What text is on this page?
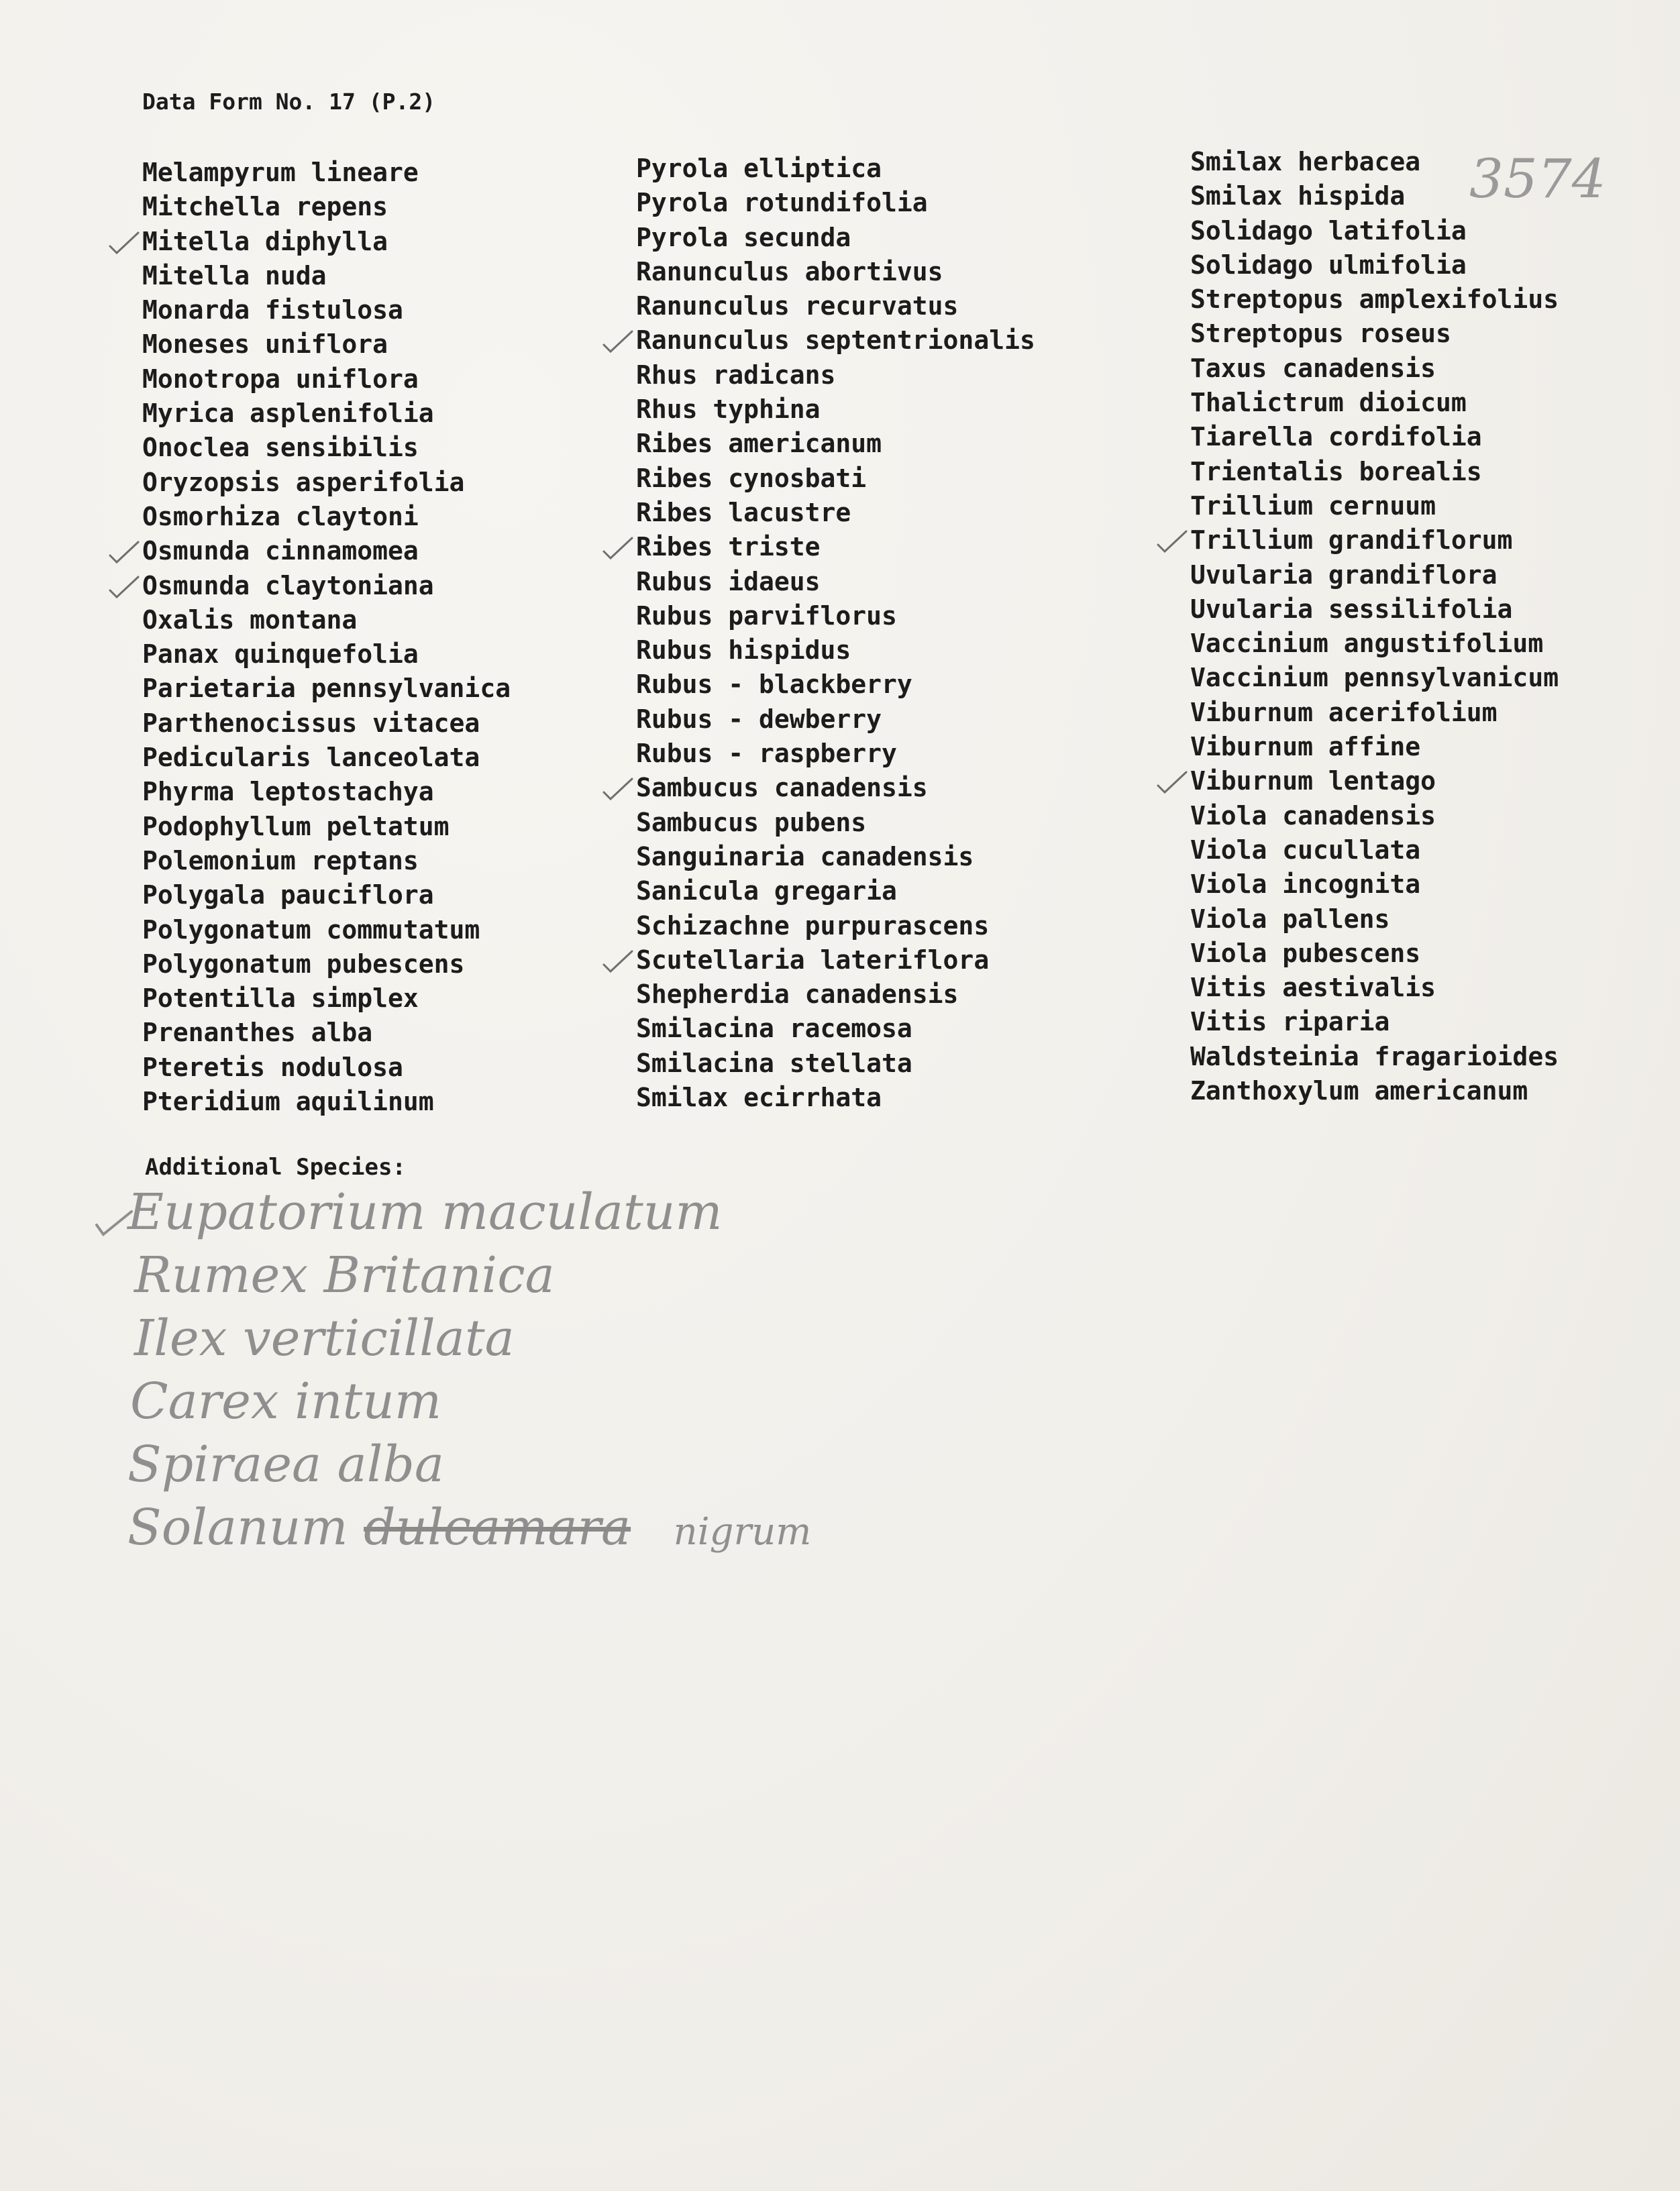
Data Form No. 17 (P.2)
3574
Melampyrum lineare
Mitchella repens
Mitella diphylla
Mitella nuda
Monarda fistulosa
Moneses uniflora
Monotropa uniflora
Myrica asplenifolia
Onoclea sensibilis
Oryzopsis asperifolia
Osmorhiza claytoni
Osmunda cinnamomea
Osmunda claytoniana
Oxalis montana
Panax quinquefolia
Parietaria pennsylvanica
Parthenocissus vitacea
Pedicularis lanceolata
Phyrma leptostachya
Podophyllum peltatum
Polemonium reptans
Polygala pauciflora
Polygonatum commutatum
Polygonatum pubescens
Potentilla simplex
Prenanthes alba
Pteretis nodulosa
Pteridium aquilinum
Pyrola elliptica
Pyrola rotundifolia
Pyrola secunda
Ranunculus abortivus
Ranunculus recurvatus
Ranunculus septentrionalis
Rhus radicans
Rhus typhina
Ribes americanum
Ribes cynosbati
Ribes lacustre
Ribes triste
Rubus idaeus
Rubus parviflorus
Rubus hispidus
Rubus - blackberry
Rubus - dewberry
Rubus - raspberry
Sambucus canadensis
Sambucus pubens
Sanguinaria canadensis
Sanicula gregaria
Schizachne purpurascens
Scutellaria lateriflora
Shepherdia canadensis
Smilacina racemosa
Smilacina stellata
Smilax ecirrhata
Smilax herbacea
Smilax hispida
Solidago latifolia
Solidago ulmifolia
Streptopus amplexifolius
Streptopus roseus
Taxus canadensis
Thalictrum dioicum
Tiarella cordifolia
Trientalis borealis
Trillium cernuum
Trillium grandiflorum
Uvularia grandiflora
Uvularia sessilifolia
Vaccinium angustifolium
Vaccinium pennsylvanicum
Viburnum acerifolium
Viburnum affine
Viburnum lentago
Viola canadensis
Viola cucullata
Viola incognita
Viola pallens
Viola pubescens
Vitis aestivalis
Vitis riparia
Waldsteinia fragarioides
Zanthoxylum americanum
Additional Species:
Eupatorium maculatum
Rumex Britanica
Ilex verticillata
Carex intum
Spiraea alba
Solanum dulcamara nigrum
